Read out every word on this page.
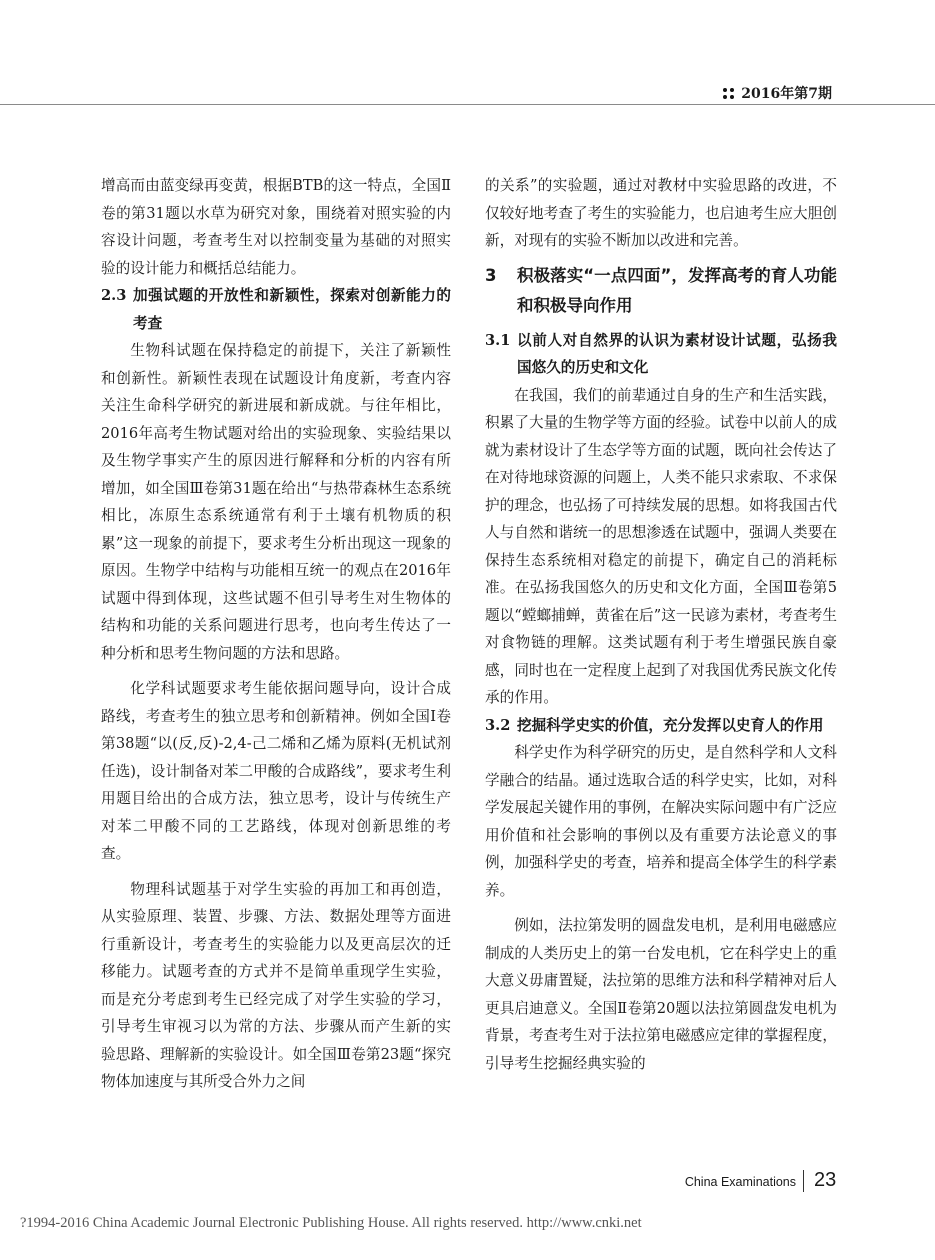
2016年第7期

增高而由蓝变绿再变黄，根据BTB的这一特点，全国Ⅱ卷的第31题以水草为研究对象，围绕着对照实验的内容设计问题，考查考生对以控制变量为基础的对照实验的设计能力和概括总结能力。

2.3 加强试题的开放性和新颖性，探索对创新能力的考查

生物科试题在保持稳定的前提下，关注了新颖性和创新性。新颖性表现在试题设计角度新，考查内容关注生命科学研究的新进展和新成就。与往年相比，2016年高考生物试题对给出的实验现象、实验结果以及生物学事实产生的原因进行解释和分析的内容有所增加，如全国Ⅲ卷第31题在给出“与热带森林生态系统相比，冻原生态系统通常有利于土壤有机物质的积累”这一现象的前提下，要求考生分析出现这一现象的原因。生物学中结构与功能相互统一的观点在2016年试题中得到体现，这些试题不但引导考生对生物体的结构和功能的关系问题进行思考，也向考生传达了一种分析和思考生物问题的方法和思路。

化学科试题要求考生能依据问题导向，设计合成路线，考查考生的独立思考和创新精神。例如全国Ⅰ卷第38题“以(反,反)-2,4-己二烯和乙烯为原料(无机试剂任选)，设计制备对苯二甲酸的合成路线”，要求考生利用题目给出的合成方法，独立思考，设计与传统生产对苯二甲酸不同的工艺路线，体现对创新思维的考查。

物理科试题基于对学生实验的再加工和再创造，从实验原理、装置、步骤、方法、数据处理等方面进行重新设计，考查考生的实验能力以及更高层次的迁移能力。试题考查的方式并不是简单重现学生实验，而是充分考虑到考生已经完成了对学生实验的学习，引导考生审视习以为常的方法、步骤从而产生新的实验思路、理解新的实验设计。如全国Ⅲ卷第23题“探究物体加速度与其所受合外力之间

的关系”的实验题，通过对教材中实验思路的改进，不仅较好地考查了考生的实验能力，也启迪考生应大胆创新，对现有的实验不断加以改进和完善。

3	积极落实“一点四面”，发挥高考的育人功能和积极导向作用
3.1 以前人对自然界的认识为素材设计试题，弘扬我国悠久的历史和文化

在我国，我们的前辈通过自身的生产和生活实践，积累了大量的生物学等方面的经验。试卷中以前人的成就为素材设计了生态学等方面的试题，既向社会传达了在对待地球资源的问题上，人类不能只求索取、不求保护的理念，也弘扬了可持续发展的思想。如将我国古代人与自然和谐统一的思想渗透在试题中，强调人类要在保持生态系统相对稳定的前提下，确定自己的消耗标准。在弘扬我国悠久的历史和文化方面，全国Ⅲ卷第5题以“螳螂捕蝉，黄雀在后”这一民谚为素材，考查考生对食物链的理解。这类试题有利于考生增强民族自豪感，同时也在一定程度上起到了对我国优秀民族文化传承的作用。

3.2 挖掘科学史实的价值，充分发挥以史育人的作用

科学史作为科学研究的历史，是自然科学和人文科学融合的结晶。通过选取合适的科学史实，比如，对科学发展起关键作用的事例，在解决实际问题中有广泛应用价值和社会影响的事例以及有重要方法论意义的事例，加强科学史的考查，培养和提高全体学生的科学素养。

例如，法拉第发明的圆盘发电机，是利用电磁感应制成的人类历史上的第一台发电机，它在科学史上的重大意义毋庸置疑，法拉第的思维方法和科学精神对后人更具启迪意义。全国Ⅱ卷第20题以法拉第圆盘发电机为背景，考查考生对于法拉第电磁感应定律的掌握程度，引导考生挖掘经典实验的

China Examinations 23
?1994-2016 China Academic Journal Electronic Publishing House. All rights reserved. http://www.cnki.net
